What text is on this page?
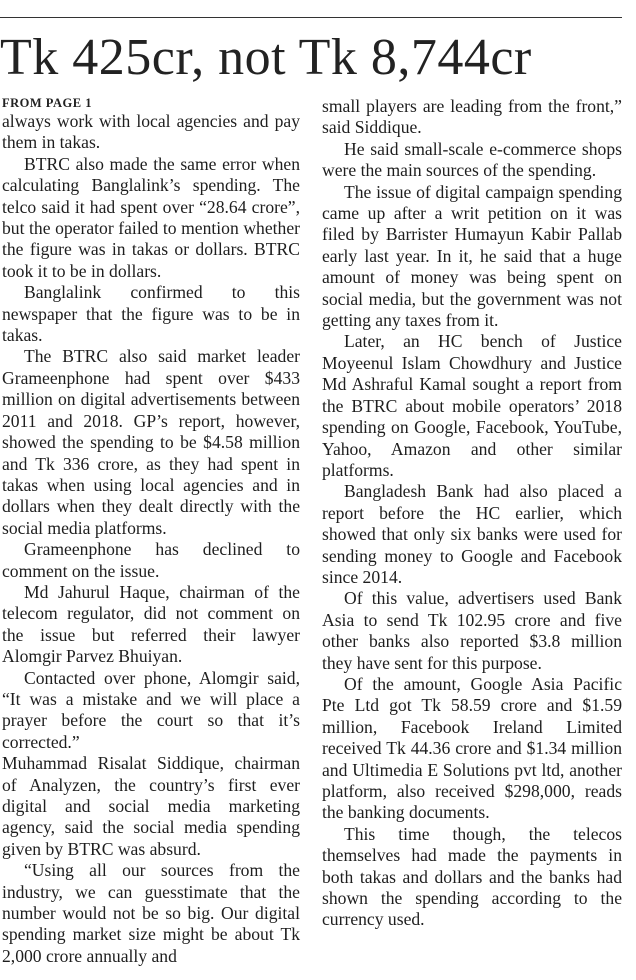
Tk 425cr, not Tk 8,744cr
FROM PAGE 1

always work with local agencies and pay them in takas.

BTRC also made the same error when calculating Banglalink’s spending. The telco said it had spent over “28.64 crore”, but the operator failed to mention whether the figure was in takas or dollars. BTRC took it to be in dollars.

Banglalink confirmed to this newspaper that the figure was to be in takas.

The BTRC also said market leader Grameenphone had spent over $433 million on digital advertisements between 2011 and 2018. GP’s report, however, showed the spending to be $4.58 million and Tk 336 crore, as they had spent in takas when using local agencies and in dollars when they dealt directly with the social media platforms.

Grameenphone has declined to comment on the issue.

Md Jahurul Haque, chairman of the telecom regulator, did not comment on the issue but referred their lawyer Alomgir Parvez Bhuiyan.

Contacted over phone, Alomgir said, “It was a mistake and we will place a prayer before the court so that it’s corrected.”

Muhammad Risalat Siddique, chairman of Analyzen, the country’s first ever digital and social media marketing agency, said the social media spending given by BTRC was absurd.

“Using all our sources from the industry, we can guesstimate that the number would not be so big. Our digital spending market size might be about Tk 2,000 crore annually and

small players are leading from the front,” said Siddique.

He said small-scale e-commerce shops were the main sources of the spending.

The issue of digital campaign spending came up after a writ petition on it was filed by Barrister Humayun Kabir Pallab early last year. In it, he said that a huge amount of money was being spent on social media, but the government was not getting any taxes from it.

Later, an HC bench of Justice Moyeenul Islam Chowdhury and Justice Md Ashraful Kamal sought a report from the BTRC about mobile operators’ 2018 spending on Google, Facebook, YouTube, Yahoo, Amazon and other similar platforms.

Bangladesh Bank had also placed a report before the HC earlier, which showed that only six banks were used for sending money to Google and Facebook since 2014.

Of this value, advertisers used Bank Asia to send Tk 102.95 crore and five other banks also reported $3.8 million they have sent for this purpose.

Of the amount, Google Asia Pacific Pte Ltd got Tk 58.59 crore and $1.59 million, Facebook Ireland Limited received Tk 44.36 crore and $1.34 million and Ultimedia E Solutions pvt ltd, another platform, also received $298,000, reads the banking documents.

This time though, the telecos themselves had made the payments in both takas and dollars and the banks had shown the spending according to the currency used.
